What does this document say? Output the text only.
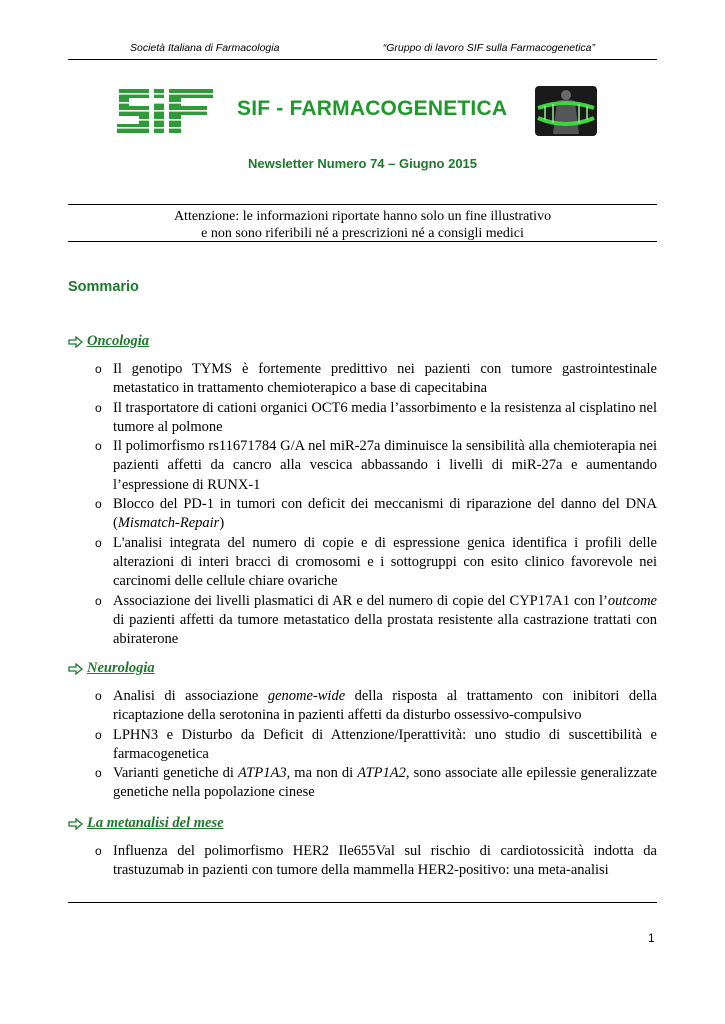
Società Italiana di Farmacologia	“Gruppo di lavoro SIF sulla Farmacogenetica”
SIF - FARMACOGENETICA
Newsletter Numero 74 – Giugno 2015
Attenzione: le informazioni riportate hanno solo un fine illustrativo
e non sono riferibili né a prescrizioni né a consigli medici
Sommario
Oncologia
o Il genotipo TYMS è fortemente predittivo nei pazienti con tumore gastrointestinale metastatico in trattamento chemioterapico a base di capecitabina
o Il trasportatore di cationi organici OCT6 media l’assorbimento e la resistenza al cisplatino nel tumore al polmone
o Il polimorfismo rs11671784 G/A nel miR-27a diminuisce la sensibilità alla chemioterapia nei pazienti affetti da cancro alla vescica abbassando i livelli di miR-27a e aumentando l’espressione di RUNX-1
o Blocco del PD-1 in tumori con deficit dei meccanismi di riparazione del danno del DNA (Mismatch-Repair)
o L'analisi integrata del numero di copie e di espressione genica identifica i profili delle alterazioni di interi bracci di cromosomi e i sottogruppi con esito clinico favorevole nei carcinomi delle cellule chiare ovariche
o Associazione dei livelli plasmatici di AR e del numero di copie del CYP17A1 con l’outcome di pazienti affetti da tumore metastatico della prostata resistente alla castrazione trattati con abiraterone
Neurologia
o Analisi di associazione genome-wide della risposta al trattamento con inibitori della ricaptazione della serotonina in pazienti affetti da disturbo ossessivo-compulsivo
o LPHN3 e Disturbo da Deficit di Attenzione/Iperattività: uno studio di suscettibilità e farmacogenetica
o Varianti genetiche di ATP1A3, ma non di ATP1A2, sono associate alle epilessie generalizzate genetiche nella popolazione cinese
La metanalisi del mese
o Influenza del polimorfismo HER2 Ile655Val sul rischio di cardiotossicità indotta da trastuzumab in pazienti con tumore della mammella HER2-positivo: una meta-analisi
1
